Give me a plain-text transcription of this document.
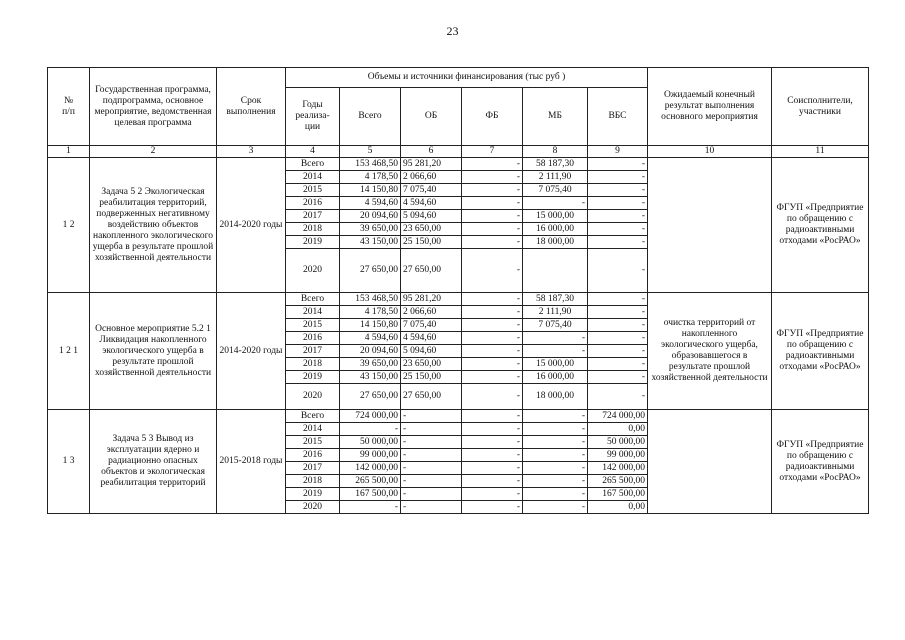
23
№
п/п	Государственная программа, подпрограмма, основное мероприятие, ведомственная целевая программа	Срок выполнения	Объемы и источники финансирования (тыс руб )						Ожидаемый конечный результат выполнения основного мероприятия	Соисполнители, участники
			Годы реализа-ции	Всего	ОБ	ФБ	МБ	ВБС		
1	2	3	4	5	6	7	8	9	10	11
1 2	Задача 5 2 Экологическая реабилитация территорий, подверженных негативному воздействию объектов накопленного экологического ущерба в результате прошлой хозяйственной деятельности	2014-2020 годы	Всего	153 468,50	95 281,20	-	58 187,30	-		ФГУП «Предприятие по обращению с радиоактивными отходами «РосРАО»
			2014	4 178,50	2 066,60	-	2 111,90	-		
			2015	14 150,80	7 075,40	-	7 075,40	-		
			2016	4 594,60	4 594,60	-	-	-		
			2017	20 094,60	5 094,60	-	15 000,00	-		
			2018	39 650,00	23 650,00	-	16 000,00	-		
			2019	43 150,00	25 150,00	-	18 000,00	-		
			2020	27 650,00	27 650,00	-		-		
1 2 1	Основное мероприятие 5.2 1 Ликвидация накопленного экологического ущерба в результате прошлой хозяйственной деятельности	2014-2020 годы	Всего	153 468,50	95 281,20	-	58 187,30	-	очистка территорий от накопленного экологического ущерба, образовавшегося в результате прошлой хозяйственной деятельности	ФГУП «Предприятие по обращению с радиоактивными отходами «РосРАО»
			2014	4 178,50	2 066,60	-	2 111,90	-		
			2015	14 150,80	7 075,40	-	7 075,40	-		
			2016	4 594,60	4 594,60	-	-	-		
			2017	20 094,60	5 094,60	-	-	-		
			2018	39 650,00	23 650,00	-	15 000,00	-		
			2019	43 150,00	25 150,00	-	16 000,00	-		
			2020	27 650,00	27 650,00	-	18 000,00	-		
1 3	Задача 5 3 Вывод из эксплуатации ядерно и радиационно опасных объектов и экологическая реабилитация территорий	2015-2018 годы	Всего	724 000,00	-	-	-	724 000,00		ФГУП «Предприятие по обращению с радиоактивными отходами «РосРАО»
			2014	-	-	-	-	0,00		
			2015	50 000,00	-	-	-	50 000,00		
			2016	99 000,00	-	-	-	99 000,00		
			2017	142 000,00	-	-	-	142 000,00		
			2018	265 500,00	-	-	-	265 500,00		
			2019	167 500,00	-	-	-	167 500,00		
			2020	-	-	-	-	0,00		
